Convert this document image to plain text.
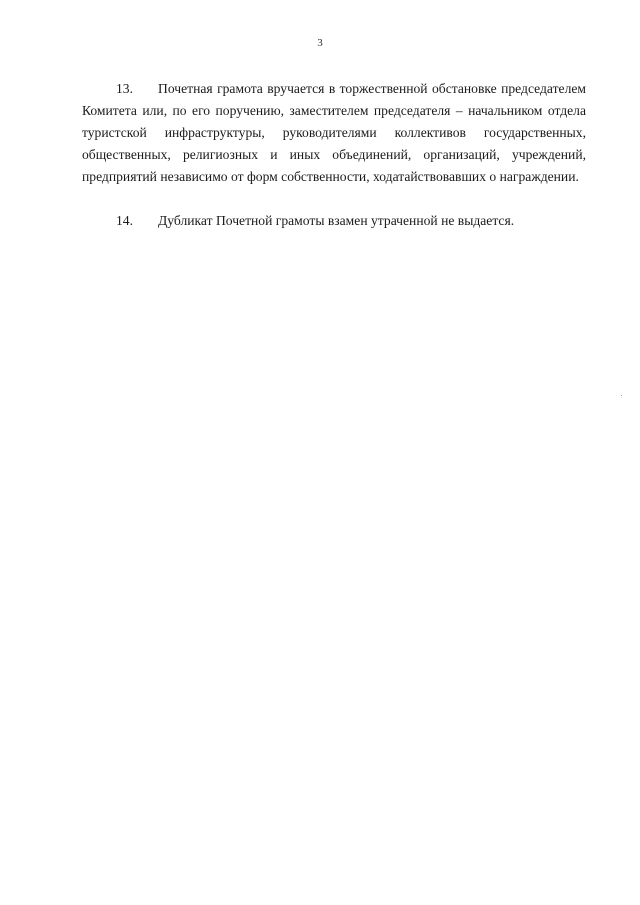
3

13. Почетная грамота вручается в торжественной обстановке председателем Комитета или, по его поручению, заместителем председателя – начальником отдела туристской инфраструктуры, руководителями коллективов государственных, общественных, религиозных и иных объединений, организаций, учреждений, предприятий независимо от форм собственности, ходатайствовавших о награждении.

14. Дубликат Почетной грамоты взамен утраченной не выдается.
